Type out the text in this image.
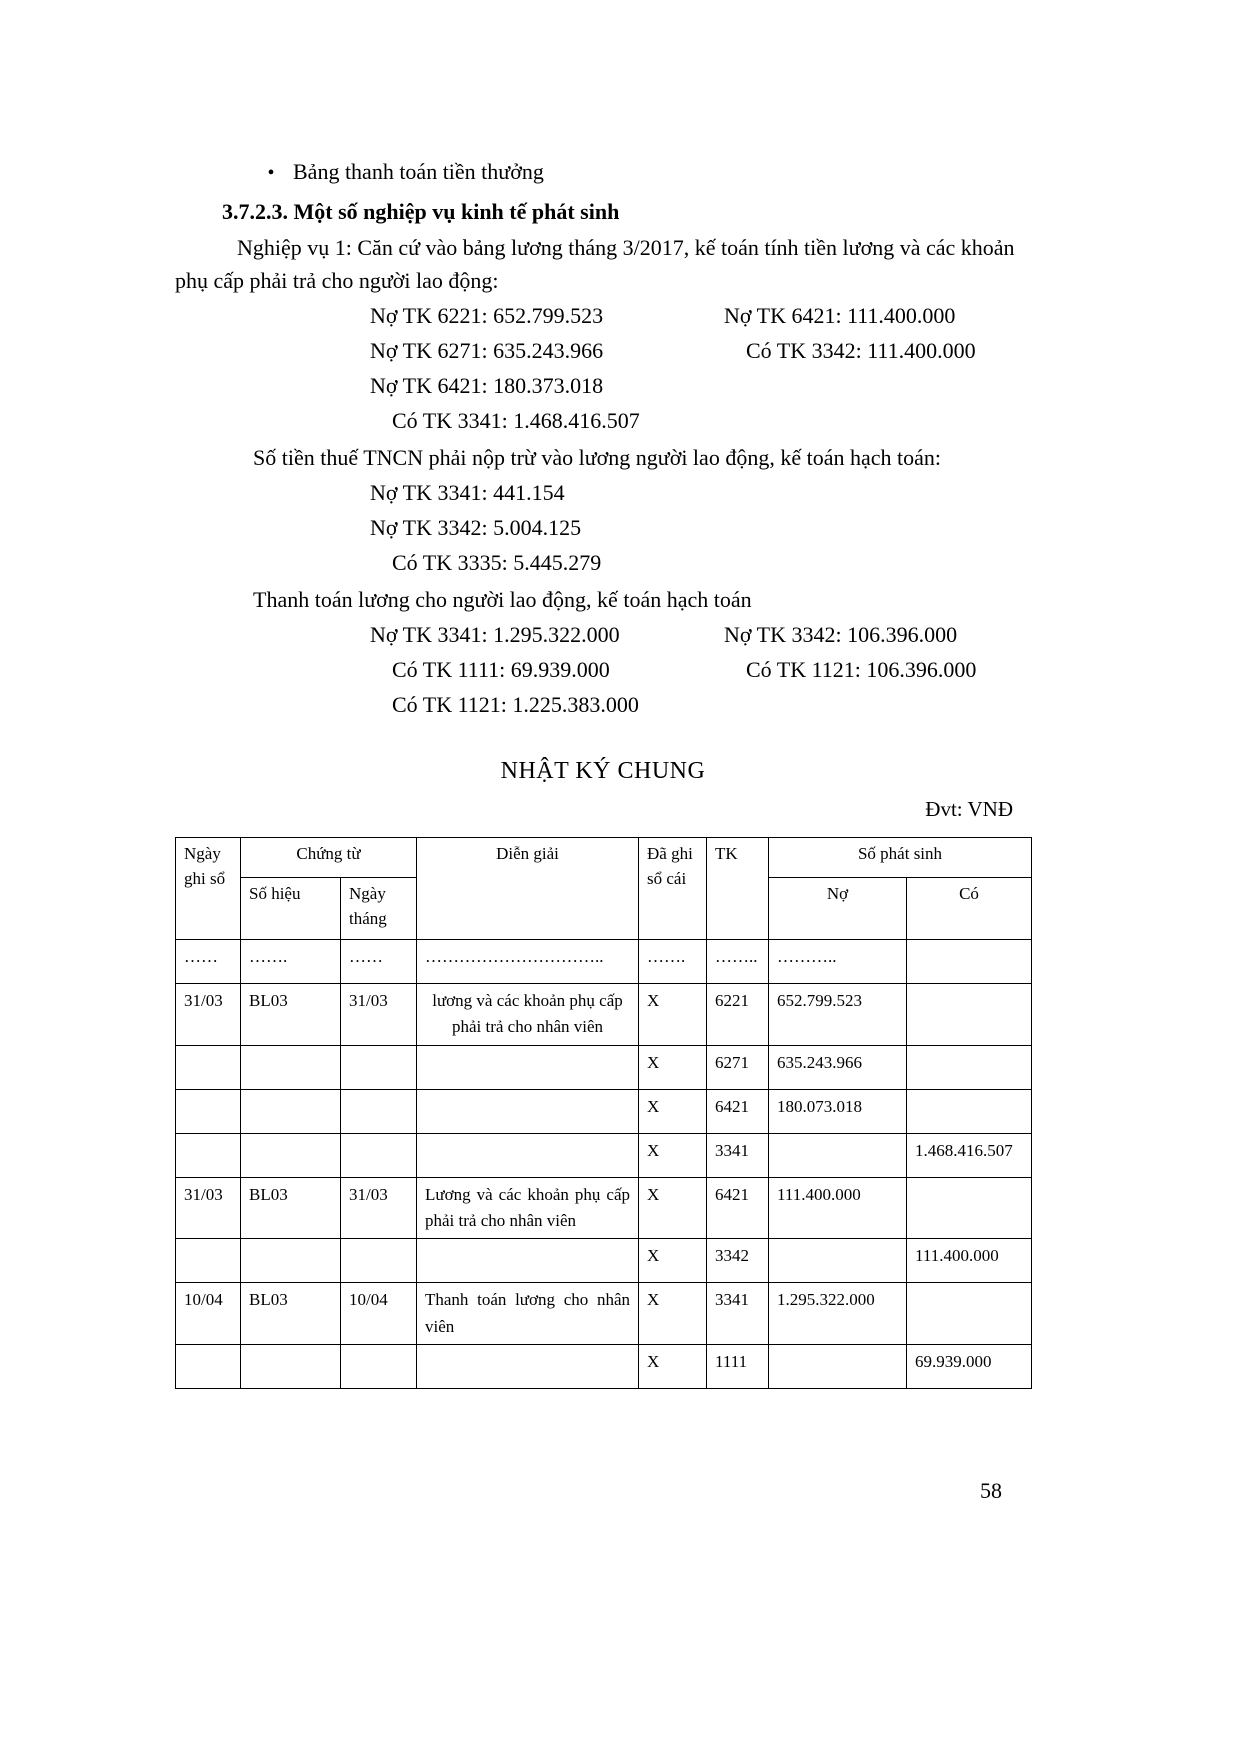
• Bảng thanh toán tiền thưởng
3.7.2.3. Một số nghiệp vụ kinh tế phát sinh
Nghiệp vụ 1: Căn cứ vào bảng lương tháng 3/2017, kế toán tính tiền lương và các khoản phụ cấp phải trả cho người lao động:
Nợ TK 6221: 652.799.523	Nợ TK 6421: 111.400.000
Nợ TK 6271: 635.243.966	Có TK 3342: 111.400.000
Nợ TK 6421: 180.373.018
Có TK 3341: 1.468.416.507
Số tiền thuế TNCN phải nộp trừ vào lương người lao động, kế toán hạch toán:
Nợ TK 3341: 441.154
Nợ TK 3342: 5.004.125
Có TK 3335: 5.445.279
Thanh toán lương cho người lao động, kế toán hạch toán
Nợ TK 3341: 1.295.322.000	Nợ TK 3342: 106.396.000
Có TK 1111: 69.939.000	Có TK 1121: 106.396.000
Có TK 1121: 1.225.383.000
NHẬT KÝ CHUNG
Đvt: VNĐ
Ngày ghi sổ	Chứng từ		Diễn giải	Đã ghi sổ cái	TK	Số phát sinh	
	Số hiệu	Ngày tháng				Nợ	Có
……	…….	……	…………………………..	…….	……..	………..	
31/03	BL03	31/03	lương và các khoản phụ cấp phải trả cho nhân viên	X	6221	652.799.523	
				X	6271	635.243.966	
				X	6421	180.073.018	
				X	3341		1.468.416.507
31/03	BL03	31/03	Lương và các khoản phụ cấp phải trả cho nhân viên	X	6421	111.400.000	
				X	3342		111.400.000
10/04	BL03	10/04	Thanh toán lương cho nhân viên	X	3341	1.295.322.000	
				X	1111		69.939.000
58
